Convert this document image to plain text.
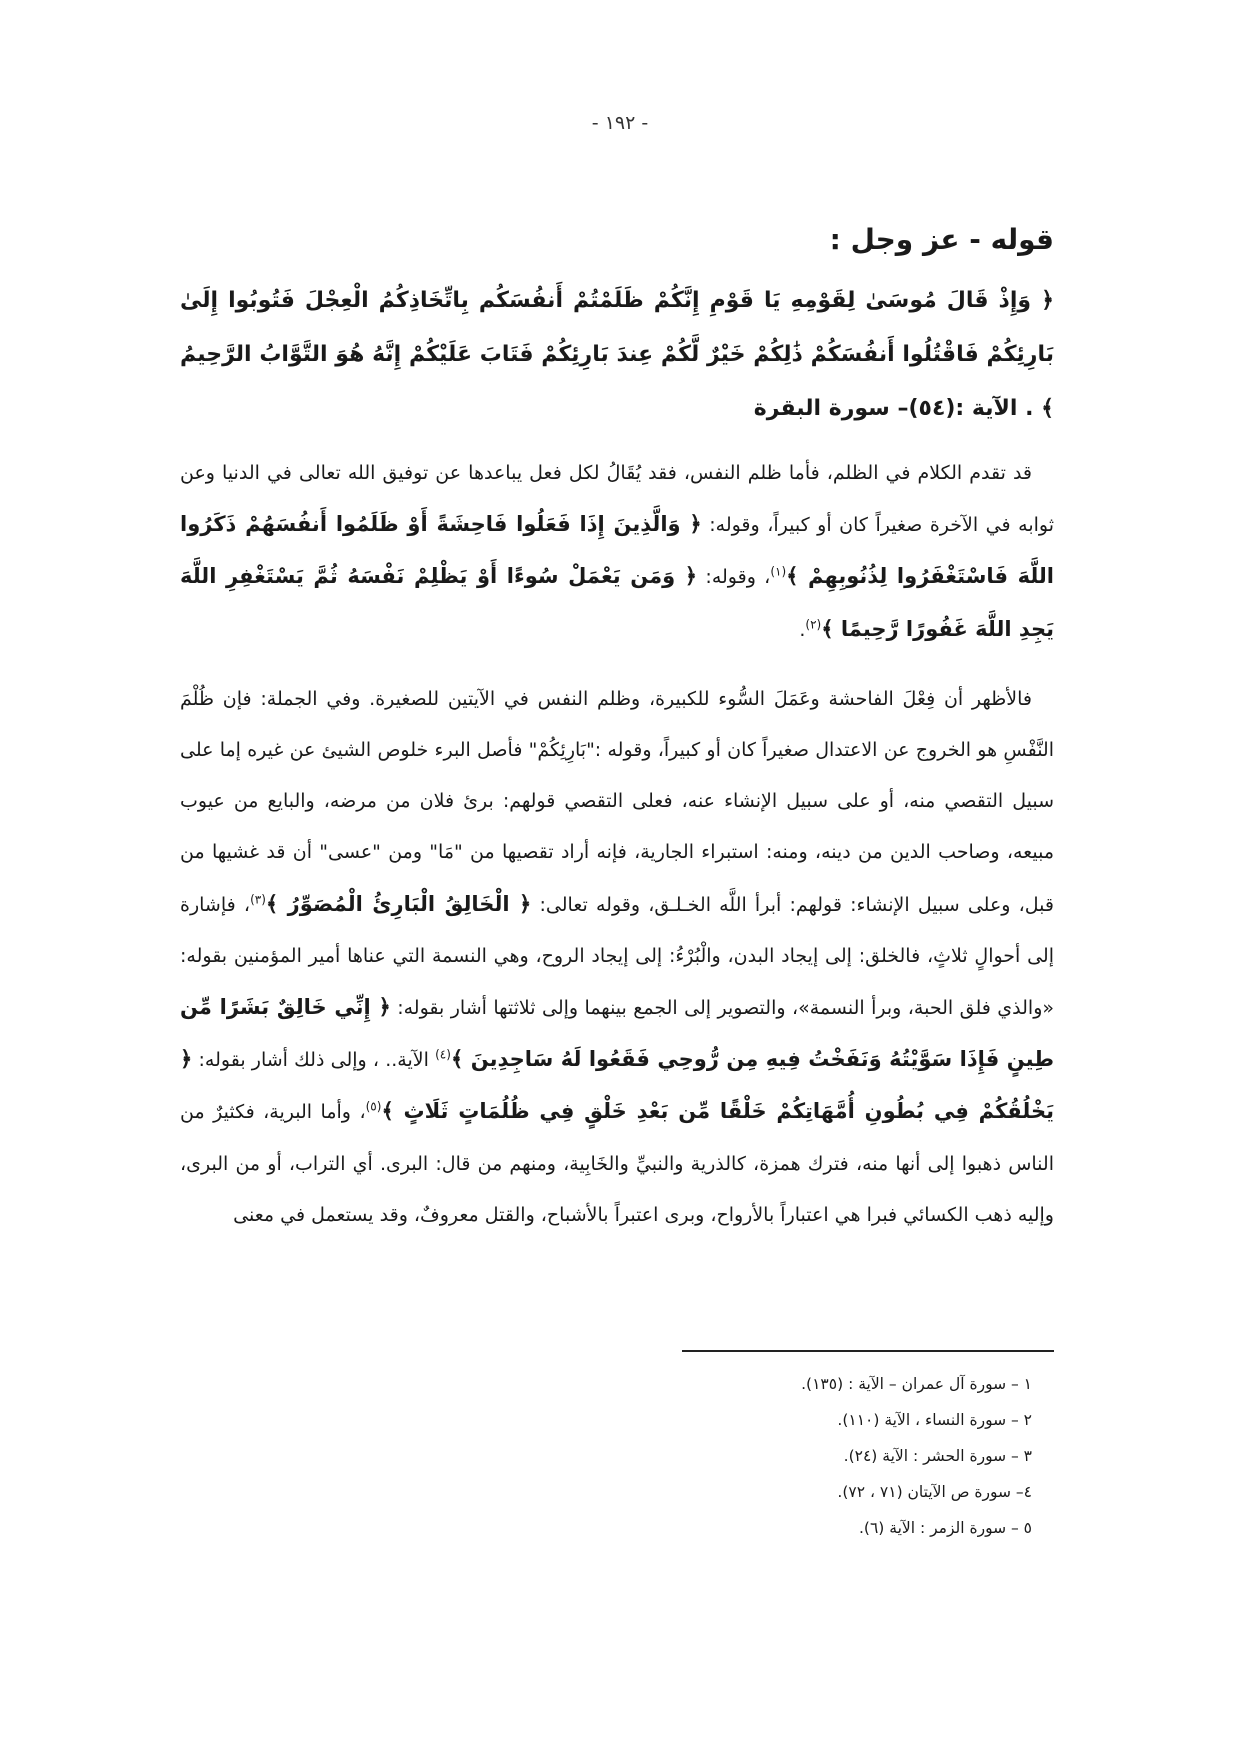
- ١٩٢ -
قوله - عز وجل :

﴿ وَإِذْ قَالَ مُوسَىٰ لِقَوْمِهِ يَا قَوْمِ إِنَّكُمْ ظَلَمْتُمْ أَنفُسَكُم بِاتِّخَاذِكُمُ الْعِجْلَ فَتُوبُوا إِلَىٰ بَارِئِكُمْ فَاقْتُلُوا أَنفُسَكُمْ ذَٰلِكُمْ خَيْرٌ لَّكُمْ عِندَ بَارِئِكُمْ فَتَابَ عَلَيْكُمْ إِنَّهُ هُوَ التَّوَّابُ الرَّحِيمُ ﴾ . الآية :(٥٤)– سورة البقرة

قد تقدم الكلام في الظلم، فأما ظلم النفس، فقد يُقَالُ لكل فعل يباعدها عن توفيق الله تعالى في الدنيا وعن ثوابه في الآخرة صغيراً كان أو كبيراً، وقوله: ﴿ وَالَّذِينَ إِذَا فَعَلُوا فَاحِشَةً أَوْ ظَلَمُوا أَنفُسَهُمْ ذَكَرُوا اللَّهَ فَاسْتَغْفَرُوا لِذُنُوبِهِمْ ﴾$^{(١)}$، وقوله: ﴿ وَمَن يَعْمَلْ سُوءًا أَوْ يَظْلِمْ نَفْسَهُ ثُمَّ يَسْتَغْفِرِ اللَّهَ يَجِدِ اللَّهَ غَفُورًا رَّحِيمًا ﴾$^{(٢)}$.

فالأظهر أن فِعْلَ الفاحشة وعَمَلَ السُّوء للكبيرة، وظلم النفس في الآيتين للصغيرة. وفي الجملة: فإن ظُلْمَ النَّفْسِ هو الخروج عن الاعتدال صغيراً كان أو كبيراً، وقوله :"بَارِئِكُمْ" فأصل البرء خلوص الشيئ عن غيره إما على سبيل التقصي منه، أو على سبيل الإنشاء عنه، فعلى التقصي قولهم: برئ فلان من مرضه، والبايع من عيوب مبيعه، وصاحب الدين من دينه، ومنه: استبراء الجارية، فإنه أراد تقصيها من "مَا" ومن "عسى" أن قد غشيها من قبل، وعلى سبيل الإنشاء: قولهم: أبرأ اللَّه الخـلـق، وقوله تعالى: ﴿ الْخَالِقُ الْبَارِئُ الْمُصَوِّرُ ﴾$^{(٣)}$، فإشارة إلى أحوالٍ ثلاثٍ، فالخلق: إلى إيجاد البدن، والْبُرْءُ: إلى إيجاد الروح، وهي النسمة التي عناها أمير المؤمنين بقوله: «والذي فلق الحبة، وبرأ النسمة»، والتصوير إلى الجمع بينهما وإلى ثلاثتها أشار بقوله: ﴿ إِنِّي خَالِقٌ بَشَرًا مِّن طِينٍ فَإِذَا سَوَّيْتُهُ وَنَفَخْتُ فِيهِ مِن رُّوحِي فَقَعُوا لَهُ سَاجِدِينَ ﴾$^{(٤)}$ الآية.. ، وإلى ذلك أشار بقوله: ﴿ يَخْلُقُكُمْ فِي بُطُونِ أُمَّهَاتِكُمْ خَلْقًا مِّن بَعْدِ خَلْقٍ فِي ظُلُمَاتٍ ثَلَاثٍ ﴾$^{(٥)}$، وأما البرية، فكثيرٌ من الناس ذهبوا إلى أنها منه، فترك همزة، كالذرية والنبيِّ والخَابِية، ومنهم من قال: البرى. أي التراب، أو من البرى، وإليه ذهب الكسائي فبرا هي اعتباراً بالأرواح، وبرى اعتبراً بالأشباح، والقتل معروفٌ، وقد يستعمل في معنى

١ – سورة آل عمران – الآية : (١٣٥).
٢ – سورة النساء ، الآية (١١٠).
٣ – سورة الحشر : الآية (٢٤).
٤– سورة ص الآيتان (٧١ ، ٧٢).
٥ – سورة الزمر : الآية (٦).
